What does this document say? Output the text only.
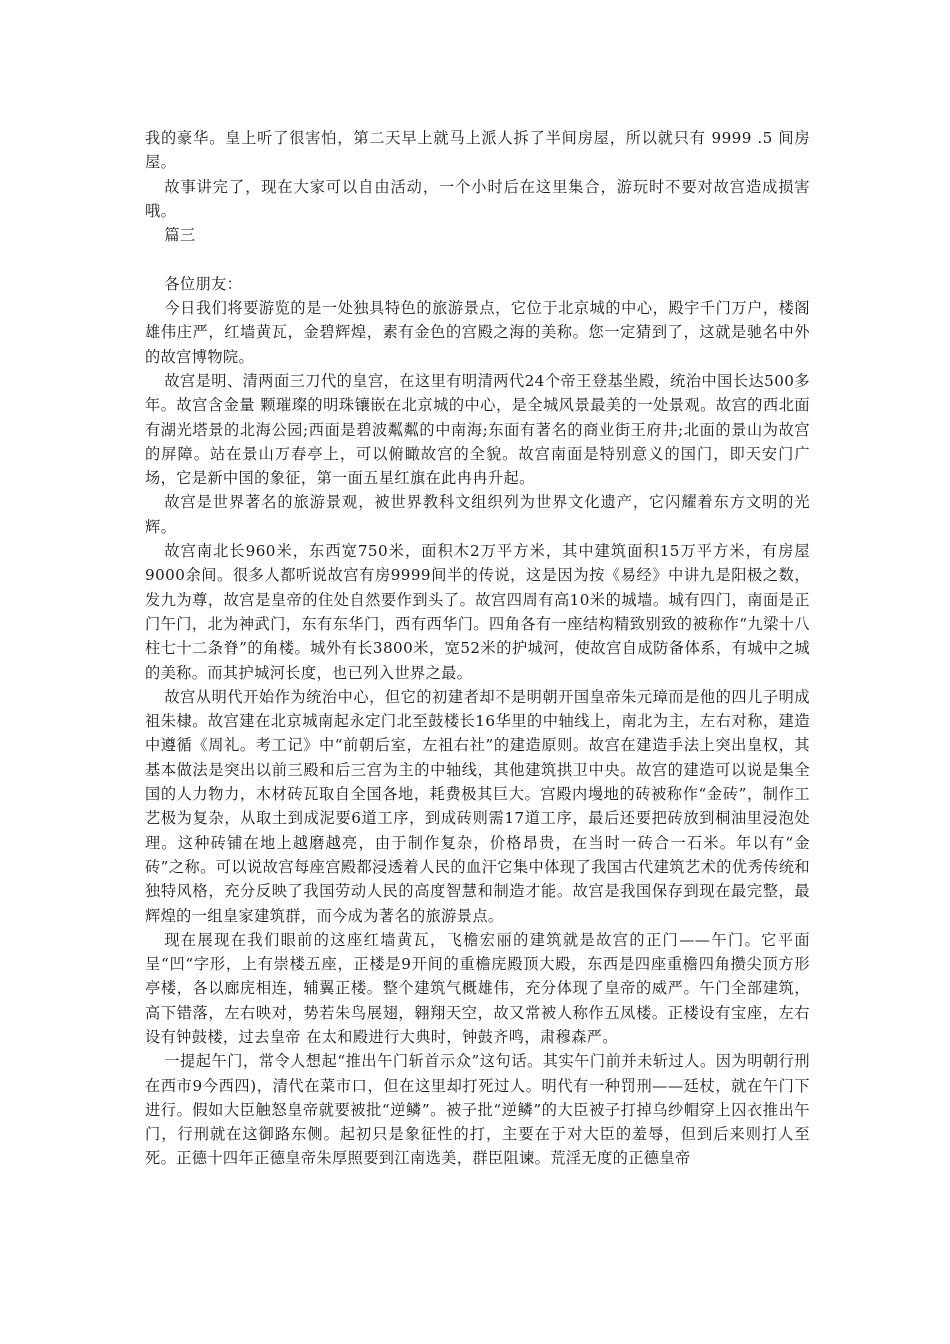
我的豪华。皇上听了很害怕，第二天早上就马上派人拆了半间房屋，所以就只有 9999 .5 间房屋。

故事讲完了，现在大家可以自由活动，一个小时后在这里集合，游玩时不要对故宫造成损害哦。

篇三

各位朋友：

今日我们将要游览的是一处独具特色的旅游景点，它位于北京城的中心，殿宇千门万户，楼阁雄伟庄严，红墙黄瓦，金碧辉煌，素有金色的宫殿之海的美称。您一定猜到了，这就是驰名中外的故宫博物院。

故宫是明、清两面三刀代的皇宫，在这里有明清两代24个帝王登基坐殿，统治中国长达500多年。故宫含金量 颗璀璨的明珠镶嵌在北京城的中心，是全城风景最美的一处景观。故宫的西北面有湖光塔景的北海公园;西面是碧波粼粼的中南海;东面有著名的商业街王府井;北面的景山为故宫的屏障。站在景山万春亭上，可以俯瞰故宫的全貌。故宫南面是特别意义的国门，即天安门广场，它是新中国的象征，第一面五星红旗在此冉冉升起。

故宫是世界著名的旅游景观，被世界教科文组织列为世界文化遗产，它闪耀着东方文明的光辉。

故宫南北长960米，东西宽750米，面积木2万平方米，其中建筑面积15万平方米，有房屋9000余间。很多人都听说故宫有房9999间半的传说，这是因为按《易经》中讲九是阳极之数，发九为尊，故宫是皇帝的住处自然要作到头了。故宫四周有高10米的城墙。城有四门，南面是正门午门，北为神武门，东有东华门，西有西华门。四角各有一座结构精致别致的被称作“九梁十八柱七十二条脊”的角楼。城外有长3800米，宽52米的护城河，使故宫自成防备体系，有城中之城的美称。而其护城河长度，也已列入世界之最。

故宫从明代开始作为统治中心，但它的初建者却不是明朝开国皇帝朱元璋而是他的四儿子明成祖朱棣。故宫建在北京城南起永定门北至鼓楼长16华里的中轴线上，南北为主，左右对称，建造中遵循《周礼。考工记》中“前朝后室，左祖右社”的建造原则。故宫在建造手法上突出皇权，其基本做法是突出以前三殿和后三宫为主的中轴线，其他建筑拱卫中央。故宫的建造可以说是集全国的人力物力，木材砖瓦取自全国各地，耗费极其巨大。宫殿内墁地的砖被称作“金砖”，制作工艺极为复杂，从取土到成泥要6道工序，到成砖则需17道工序，最后还要把砖放到桐油里浸泡处理。这种砖铺在地上越磨越亮，由于制作复杂，价格昂贵，在当时一砖合一石米。年以有“金砖”之称。可以说故宫每座宫殿都浸透着人民的血汗它集中体现了我国古代建筑艺术的优秀传统和独特风格，充分反映了我国劳动人民的高度智慧和制造才能。故宫是我国保存到现在最完整，最辉煌的一组皇家建筑群，而今成为著名的旅游景点。

现在展现在我们眼前的这座红墙黄瓦，飞檐宏丽的建筑就是故宫的正门——午门。它平面呈“凹“字形，上有崇楼五座，正楼是9开间的重檐庑殿顶大殿，东西是四座重檐四角攒尖顶方形亭楼，各以廊庑相连，辅翼正楼。整个建筑气概雄伟，充分体现了皇帝的威严。午门全部建筑，高下错落，左右映对，势若朱鸟展翅，翱翔天空，故又常被人称作五凤楼。正楼设有宝座，左右设有钟鼓楼，过去皇帝 在太和殿进行大典时，钟鼓齐鸣，肃穆森严。

一提起午门，常令人想起“推出午门斩首示众”这句话。其实午门前并未斩过人。因为明朝行刑在西市9今西四)，清代在菜市口，但在这里却打死过人。明代有一种罚刑——廷杖，就在午门下进行。假如大臣触怒皇帝就要被批“逆鳞”。被子批“逆鳞”的大臣被子打掉乌纱帽穿上囚衣推出午门，行刑就在这御路东侧。起初只是象征性的打，主要在于对大臣的羞辱，但到后来则打人至死。正德十四年正德皇帝朱厚照要到江南选美，群臣阻谏。荒淫无度的正德皇帝
